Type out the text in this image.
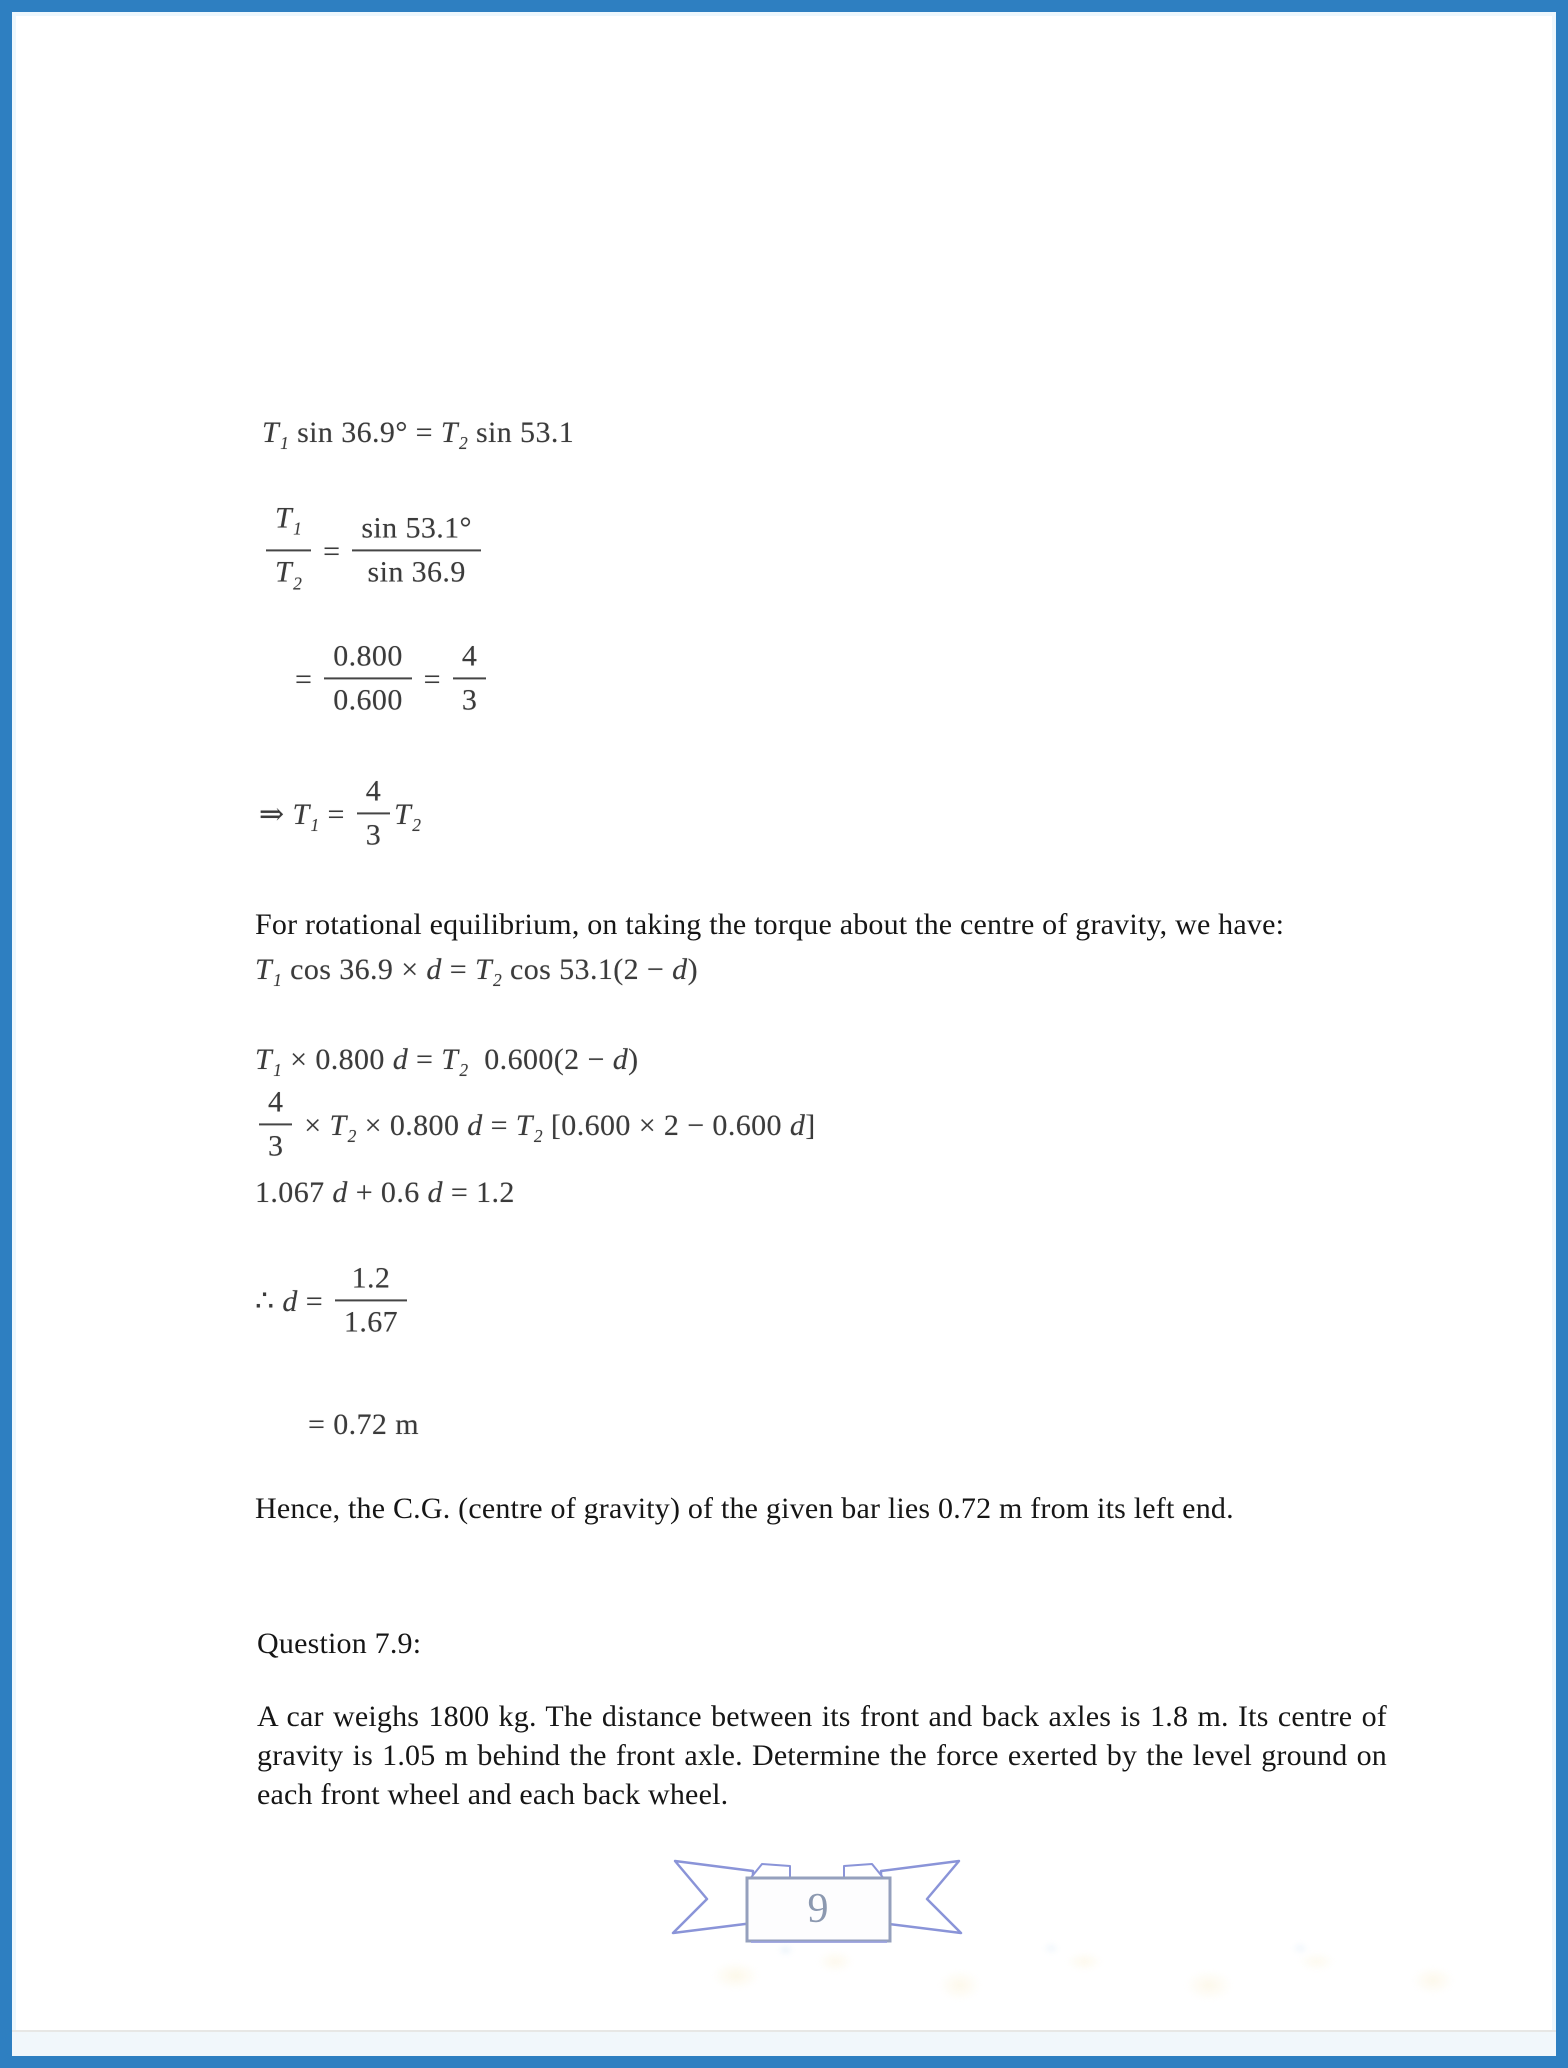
$T_1$ $\sin 36.9^\circ = T_2$ sin 53.1
$\frac{T_1}{T_2} = \frac{\sin 53.1^\circ}{\sin 36.9}$
= $\frac{0.800}{0.600} = \frac{4}{3}$
⇒ $T_1 = \frac{4}{3} T_2$
For rotational equilibrium, on taking the torque about the centre of gravity, we have:
$T_1$ $\cos 36.9 \times d = T_2$ cos 53.1(2 − d)
$T_1 \times 0.800$ $d = T_2$  0.600(2 − d)
$\frac{4}{3} \times T_2 \times 0.800$ $d = T_2$ [0.600 × 2 − 0.600 d]
1.067 d + 0.6 d = 1.2
∴ $d = \frac{1.2}{1.67}$
= 0.72 m
Hence, the C.G. (centre of gravity) of the given bar lies 0.72 m from its left end.
Question 7.9:
A car weighs 1800 kg. The distance between its front and back axles is 1.8 m. Its centre of gravity is 1.05 m behind the front axle. Determine the force exerted by the level ground on each front wheel and each back wheel.
9
